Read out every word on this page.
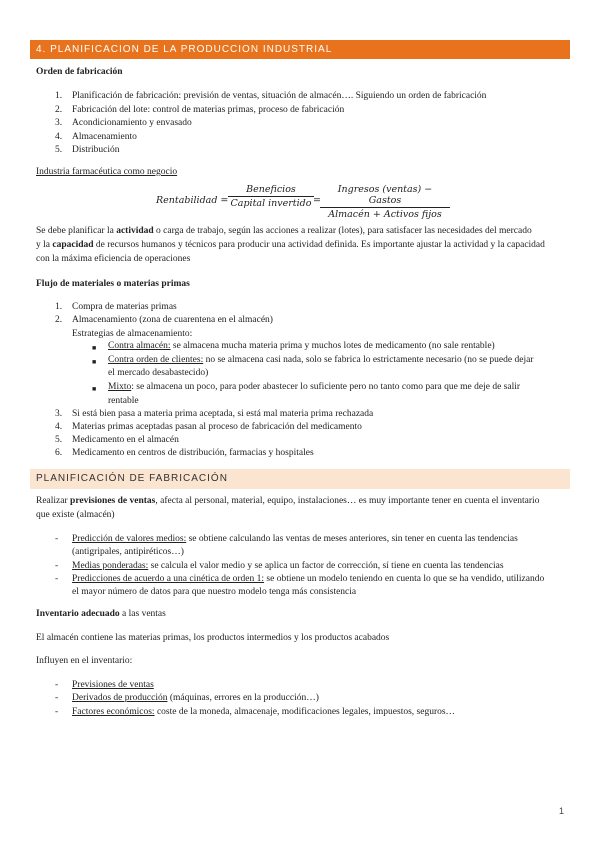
4. PLANIFICACION DE LA PRODUCCION INDUSTRIAL
Orden de fabricación
1. Planificación de fabricación: previsión de ventas, situación de almacén…. Siguiendo un orden de fabricación
2. Fabricación del lote: control de materias primas, proceso de fabricación
3. Acondicionamiento y envasado
4. Almacenamiento
5. Distribución
Industria farmacéutica como negocio
Rentabilidad =
Beneficios
Capital invertido =
Ingresos (ventas) − Gastos
Almacén + Activos fijos
Se debe planificar la actividad o carga de trabajo, según las acciones a realizar (lotes), para satisfacer las necesidades del mercado
y la capacidad de recursos humanos y técnicos para producir una actividad definida. Es importante ajustar la actividad y la capacidad
con la máxima eficiencia de operaciones
Flujo de materiales o materias primas
1. Compra de materias primas
2. Almacenamiento (zona de cuarentena en el almacén)
Estrategias de almacenamiento:
■ Contra almacén: se almacena mucha materia prima y muchos lotes de medicamento (no sale rentable)
■ Contra orden de clientes: no se almacena casi nada, solo se fabrica lo estrictamente necesario (no se puede dejar
el mercado desabastecido)
■ Mixto: se almacena un poco, para poder abastecer lo suficiente pero no tanto como para que me deje de salir
rentable
3. Si está bien pasa a materia prima aceptada, si está mal materia prima rechazada
4. Materias primas aceptadas pasan al proceso de fabricación del medicamento
5. Medicamento en el almacén
6. Medicamento en centros de distribución, farmacias y hospitales
PLANIFICACIÓN DE FABRICACIÓN
Realizar previsiones de ventas, afecta al personal, material, equipo, instalaciones… es muy importante tener en cuenta el inventario
que existe (almacén)
- Predicción de valores medios: se obtiene calculando las ventas de meses anteriores, sin tener en cuenta las tendencias
(antigripales, antipiréticos…)
- Medias ponderadas: se calcula el valor medio y se aplica un factor de corrección, sí tiene en cuenta las tendencias
- Predicciones de acuerdo a una cinética de orden 1: se obtiene un modelo teniendo en cuenta lo que se ha vendido, utilizando
el mayor número de datos para que nuestro modelo tenga más consistencia
Inventario adecuado a las ventas
El almacén contiene las materias primas, los productos intermedios y los productos acabados
Influyen en el inventario:
- Previsiones de ventas
- Derivados de producción (máquinas, errores en la producción…)
- Factores económicos: coste de la moneda, almacenaje, modificaciones legales, impuestos, seguros…
1
